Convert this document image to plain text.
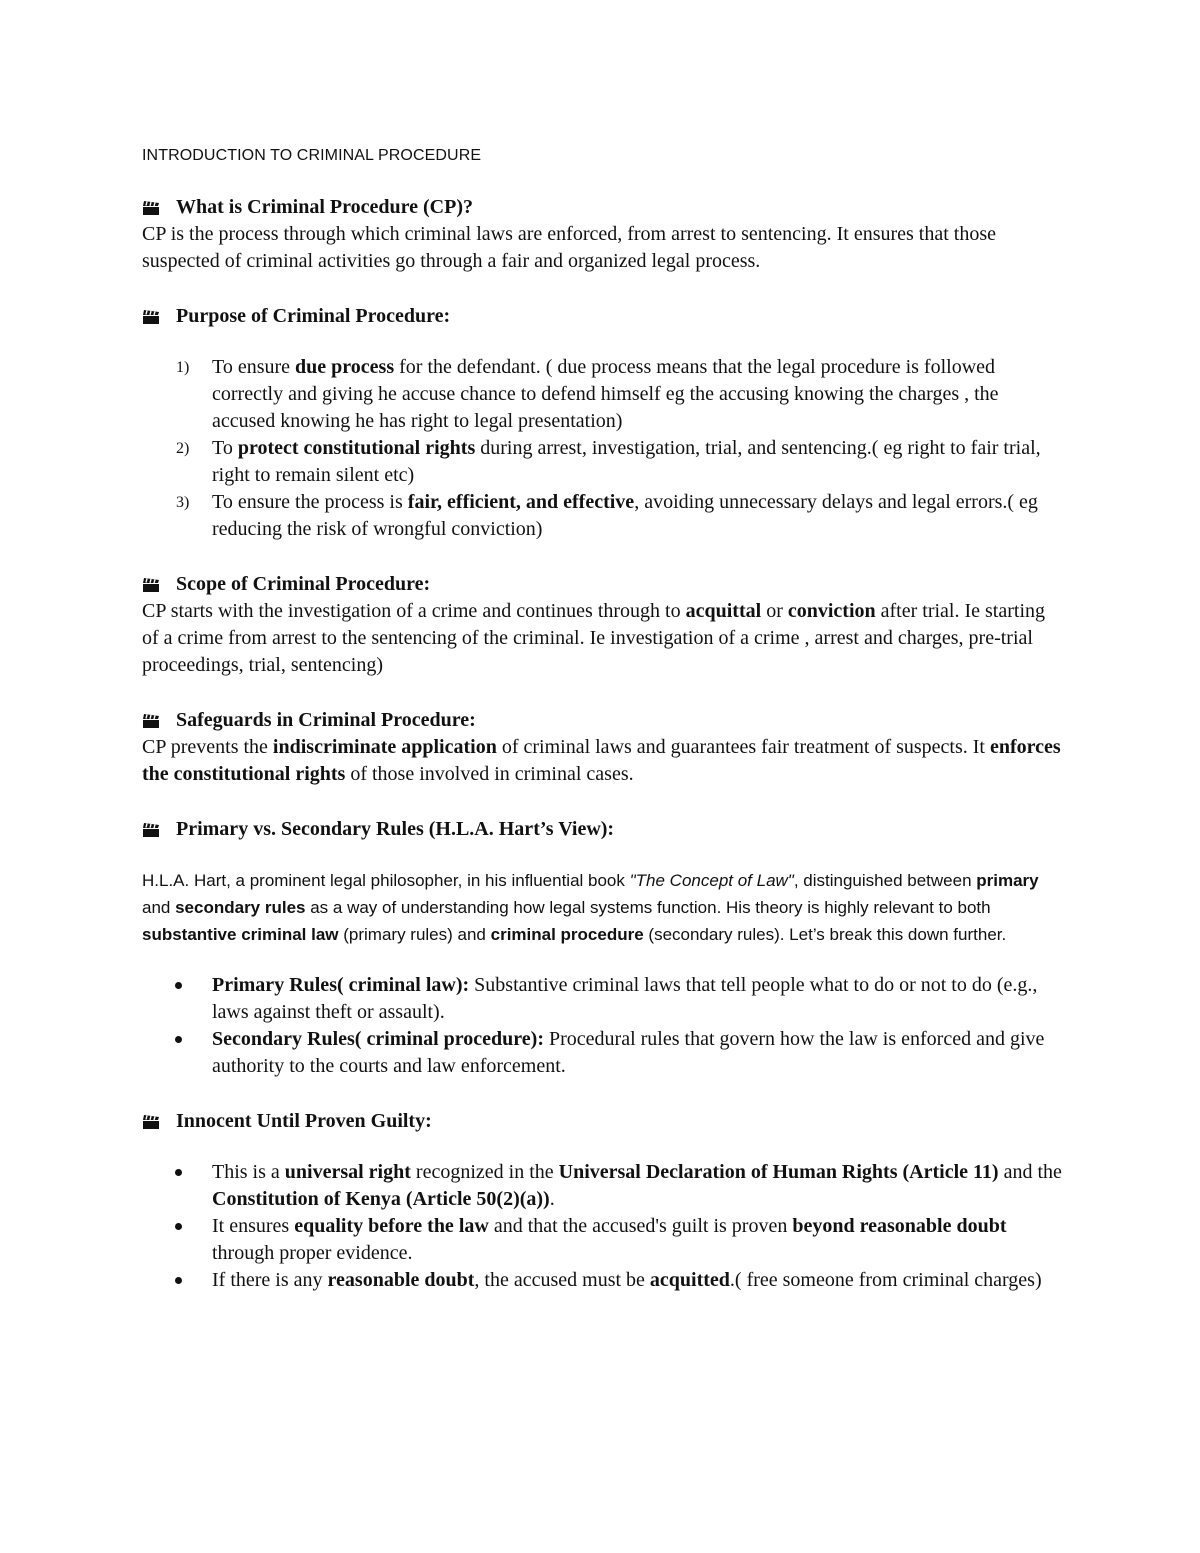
INTRODUCTION TO CRIMINAL PROCEDURE
What is Criminal Procedure (CP)?

CP is the process through which criminal laws are enforced, from arrest to sentencing. It ensures that those suspected of criminal activities go through a fair and organized legal process.

Purpose of Criminal Procedure:
1) To ensure due process for the defendant. ( due process means that the legal procedure is followed correctly and giving he accuse chance to defend himself eg the accusing knowing the charges , the accused knowing he has right to legal presentation)
2) To protect constitutional rights during arrest, investigation, trial, and sentencing.( eg right to fair trial, right to remain silent etc)
3) To ensure the process is fair, efficient, and effective, avoiding unnecessary delays and legal errors.( eg reducing the risk of wrongful conviction)
Scope of Criminal Procedure:

CP starts with the investigation of a crime and continues through to acquittal or conviction after trial. Ie starting of a crime from arrest to the sentencing of the criminal. Ie investigation of a crime , arrest and charges, pre-trial proceedings, trial, sentencing)

Safeguards in Criminal Procedure:

CP prevents the indiscriminate application of criminal laws and guarantees fair treatment of suspects. It enforces the constitutional rights of those involved in criminal cases.

Primary vs. Secondary Rules (H.L.A. Hart’s View):

H.L.A. Hart, a prominent legal philosopher, in his influential book "The Concept of Law", distinguished between primary and secondary rules as a way of understanding how legal systems function. His theory is highly relevant to both substantive criminal law (primary rules) and criminal procedure (secondary rules). Let’s break this down further.

Primary Rules( criminal law): Substantive criminal laws that tell people what to do or not to do (e.g., laws against theft or assault).
Secondary Rules( criminal procedure): Procedural rules that govern how the law is enforced and give authority to the courts and law enforcement.
Innocent Until Proven Guilty:
This is a universal right recognized in the Universal Declaration of Human Rights (Article 11) and the Constitution of Kenya (Article 50(2)(a)).
It ensures equality before the law and that the accused's guilt is proven beyond reasonable doubt through proper evidence.
If there is any reasonable doubt, the accused must be acquitted.( free someone from criminal charges)
